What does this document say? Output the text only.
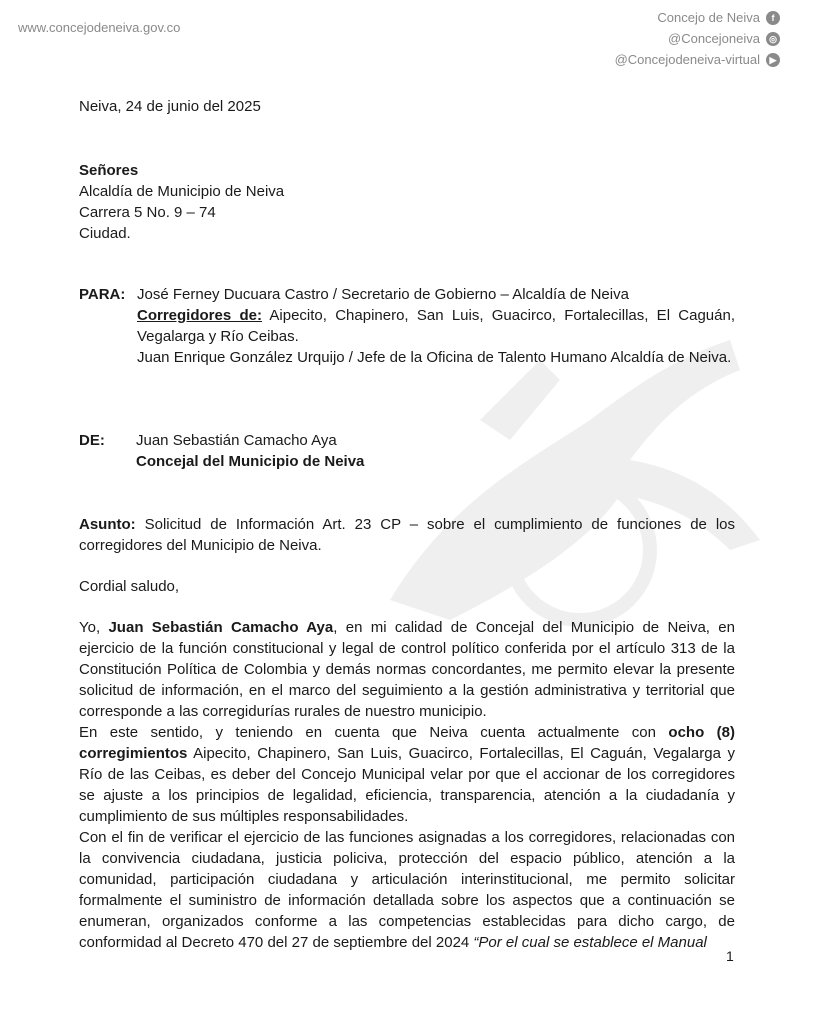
www.concejodeneiva.gov.co
Concejo de Neiva	f
@Concejoneiva	◎
@Concejodeneiva-virtual	▶
Neiva, 24 de junio del 2025

Señores

Alcaldía de Municipio de Neiva

Carrera 5 No. 9 – 74

Ciudad.

PARA: José Ferney Ducuara Castro / Secretario de Gobierno – Alcaldía de Neiva

Corregidores de: Aipecito, Chapinero, San Luis, Guacirco, Fortalecillas, El Caguán, Vegalarga y Río Ceibas.

Juan Enrique González Urquijo / Jefe de la Oficina de Talento Humano Alcaldía de Neiva.

DE: Juan Sebastián Camacho Aya

Concejal del Municipio de Neiva

Asunto: Solicitud de Información Art. 23 CP – sobre el cumplimiento de funciones de los corregidores del Municipio de Neiva.
Cordial saludo,

Yo, Juan Sebastián Camacho Aya, en mi calidad de Concejal del Municipio de Neiva, en ejercicio de la función constitucional y legal de control político conferida por el artículo 313 de la Constitución Política de Colombia y demás normas concordantes, me permito elevar la presente solicitud de información, en el marco del seguimiento a la gestión administrativa y territorial que corresponde a las corregidurías rurales de nuestro municipio.

En este sentido, y teniendo en cuenta que Neiva cuenta actualmente con ocho (8) corregimientos Aipecito, Chapinero, San Luis, Guacirco, Fortalecillas, El Caguán, Vegalarga y Río de las Ceibas, es deber del Concejo Municipal velar por que el accionar de los corregidores se ajuste a los principios de legalidad, eficiencia, transparencia, atención a la ciudadanía y cumplimiento de sus múltiples responsabilidades.

Con el fin de verificar el ejercicio de las funciones asignadas a los corregidores, relacionadas con la convivencia ciudadana, justicia policiva, protección del espacio público, atención a la comunidad, participación ciudadana y articulación interinstitucional, me permito solicitar formalmente el suministro de información detallada sobre los aspectos que a continuación se enumeran, organizados conforme a las competencias establecidas para dicho cargo, de conformidad al Decreto 470 del 27 de septiembre del 2024 “Por el cual se establece el Manual

1
